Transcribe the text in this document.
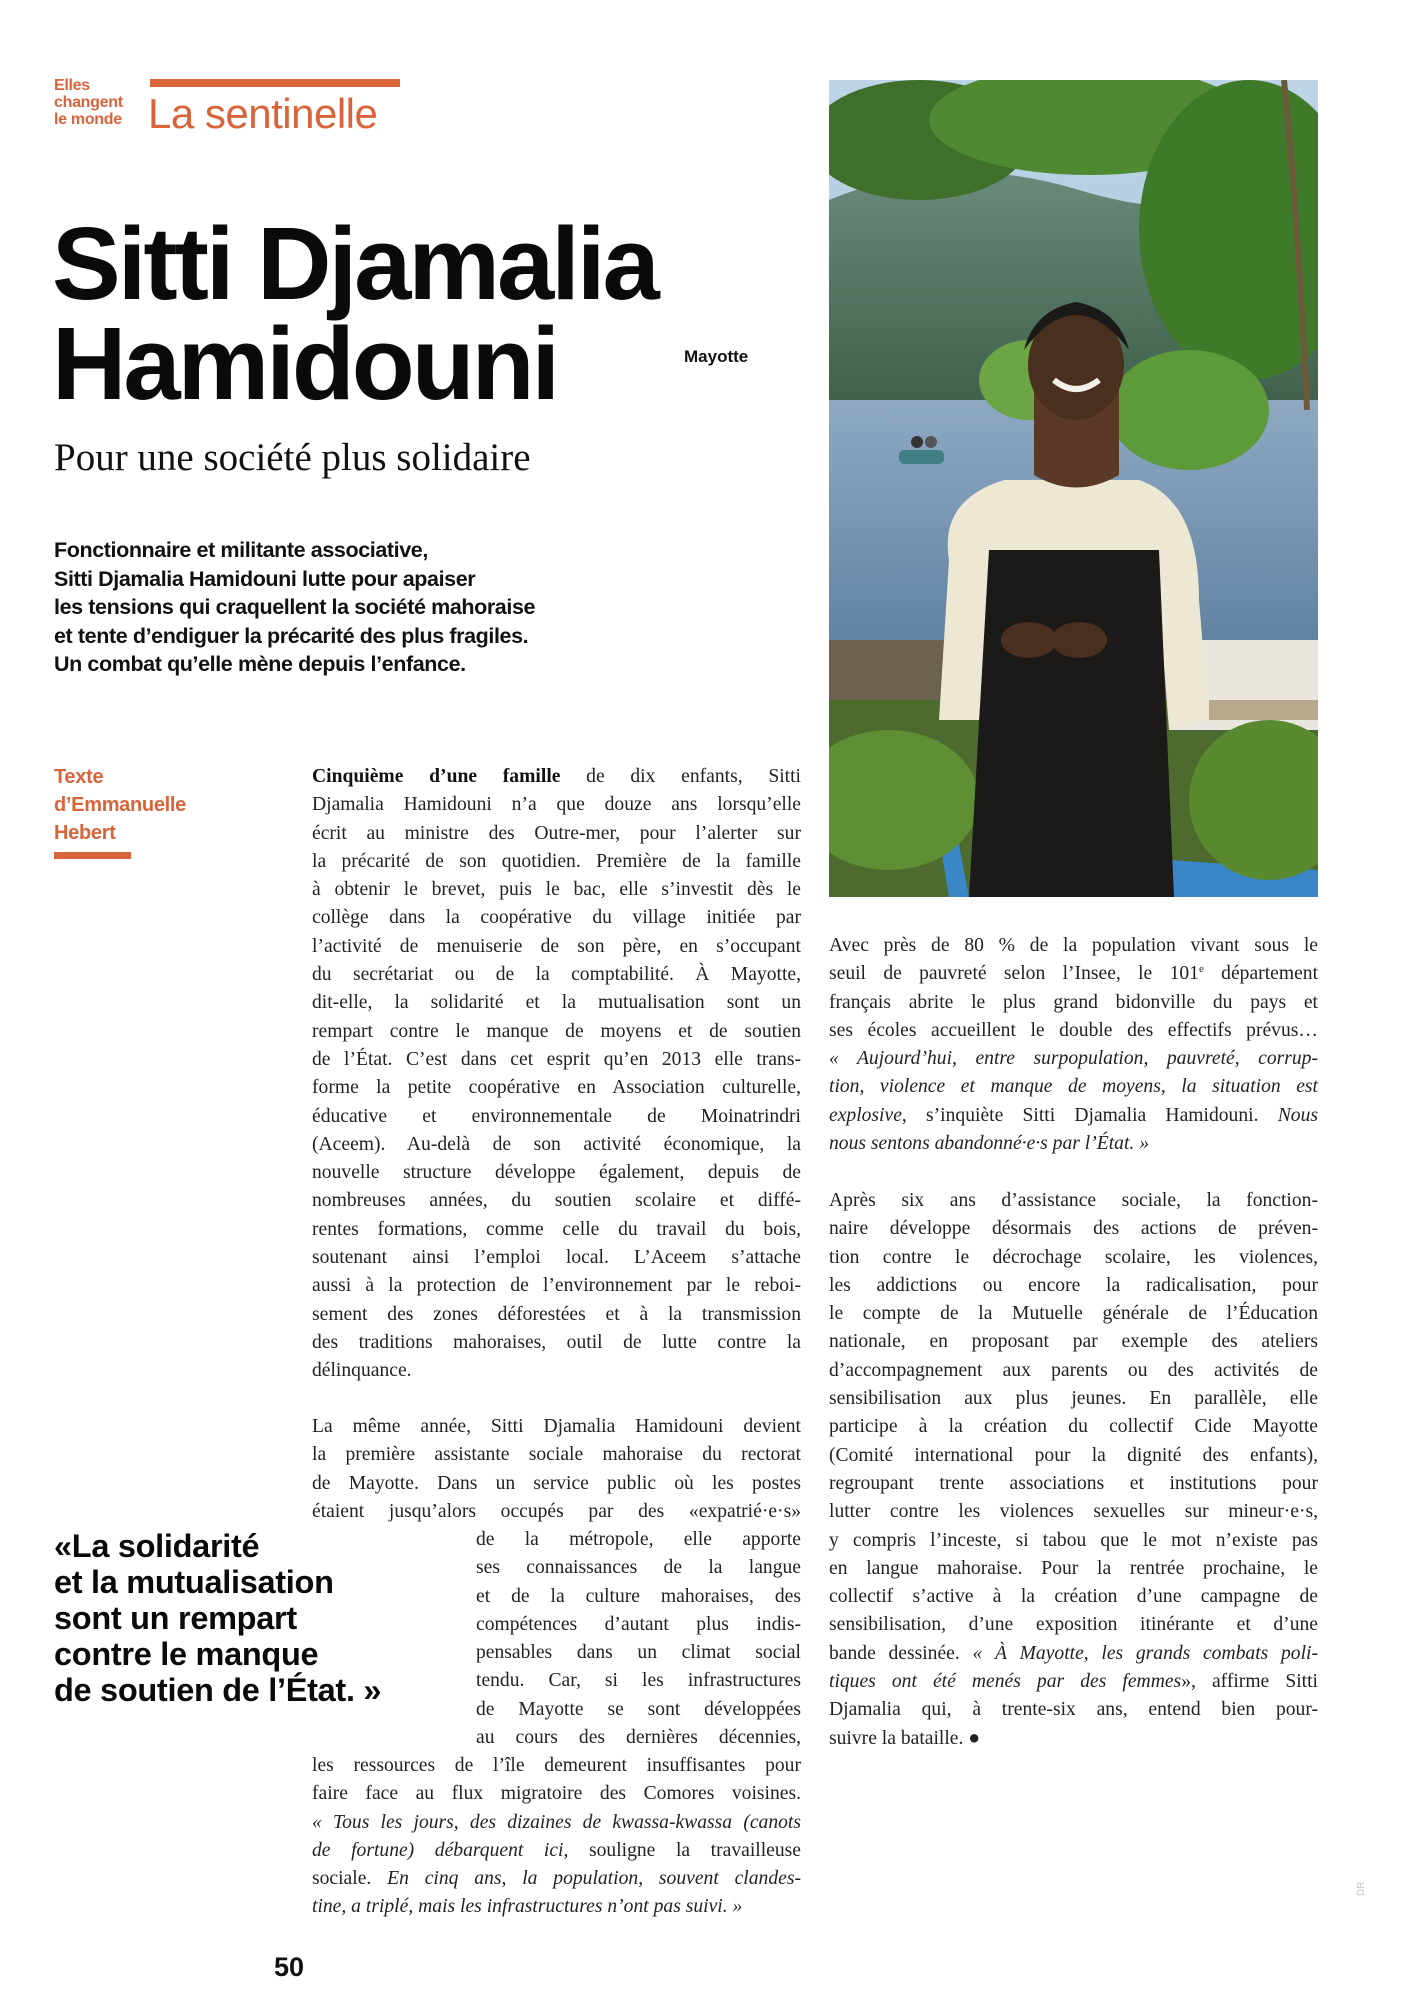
Elles
changent
le monde La sentinelle
Sitti Djamalia
Hamidouni	Mayotte
Pour une société plus solidaire
Fonctionnaire et militante associative,
Sitti Djamalia Hamidouni lutte pour apaiser
les tensions qui craquellent la société mahoraise
et tente d’endiguer la précarité des plus fragiles.
Un combat qu’elle mène depuis l’enfance.
Texte
d’Emmanuelle
Hebert
Cinquième d’une famille de dix enfants, Sitti
Djamalia Hamidouni n’a que douze ans lorsqu’elle
écrit au ministre des Outre-mer, pour l’alerter sur
la précarité de son quotidien. Première de la famille
à obtenir le brevet, puis le bac, elle s’investit dès le
collège dans la coopérative du village initiée par
l’activité de menuiserie de son père, en s’occupant
du secrétariat ou de la comptabilité. À Mayotte,
dit-elle, la solidarité et la mutualisation sont un
rempart contre le manque de moyens et de soutien
de l’État. C’est dans cet esprit qu’en 2013 elle trans-
forme la petite coopérative en Association culturelle,
éducative et environnementale de Moinatrindri
(Aceem). Au-delà de son activité économique, la
nouvelle structure développe également, depuis de
nombreuses années, du soutien scolaire et diffé-
rentes formations, comme celle du travail du bois,
soutenant ainsi l’emploi local. L’Aceem s’attache
aussi à la protection de l’environnement par le reboi-
sement des zones déforestées et à la transmission
des traditions mahoraises, outil de lutte contre la
délinquance.
La même année, Sitti Djamalia Hamidouni devient
la première assistante sociale mahoraise du rectorat
de Mayotte. Dans un service public où les postes
étaient jusqu’alors occupés par des «expatrié·e·s»
de la métropole, elle apporte
ses connaissances de la langue
et de la culture mahoraises, des
compétences d’autant plus indis-
pensables dans un climat social
tendu. Car, si les infrastructures
de Mayotte se sont développées
au cours des dernières décennies,
les ressources de l’île demeurent insuffisantes pour
faire face au flux migratoire des Comores voisines.
« Tous les jours, des dizaines de kwassa-kwassa (canots
de fortune) débarquent ici, souligne la travailleuse
sociale. En cinq ans, la population, souvent clandes-
tine, a triplé, mais les infrastructures n’ont pas suivi. »
«La solidarité
et la mutualisation
sont un rempart
contre le manque
de soutien de l’État. »
Avec près de 80 % de la population vivant sous le
seuil de pauvreté selon l’Insee, le 101e département
français abrite le plus grand bidonville du pays et
ses écoles accueillent le double des effectifs prévus…
« Aujourd’hui, entre surpopulation, pauvreté, corrup-
tion, violence et manque de moyens, la situation est
explosive, s’inquiète Sitti Djamalia Hamidouni. Nous
nous sentons abandonné·e·s par l’État. »
Après six ans d’assistance sociale, la fonction-
naire développe désormais des actions de préven-
tion contre le décrochage scolaire, les violences,
les addictions ou encore la radicalisation, pour
le compte de la Mutuelle générale de l’Éducation
nationale, en proposant par exemple des ateliers
d’accompagnement aux parents ou des activités de
sensibilisation aux plus jeunes. En parallèle, elle
participe à la création du collectif Cide Mayotte
(Comité international pour la dignité des enfants),
regroupant trente associations et institutions pour
lutter contre les violences sexuelles sur mineur·e·s,
y compris l’inceste, si tabou que le mot n’existe pas
en langue mahoraise. Pour la rentrée prochaine, le
collectif s’active à la création d’une campagne de
sensibilisation, d’une exposition itinérante et d’une
bande dessinée. « À Mayotte, les grands combats poli-
tiques ont été menés par des femmes», affirme Sitti
Djamalia qui, à trente-six ans, entend bien pour-
suivre la bataille. ●
50
DR
